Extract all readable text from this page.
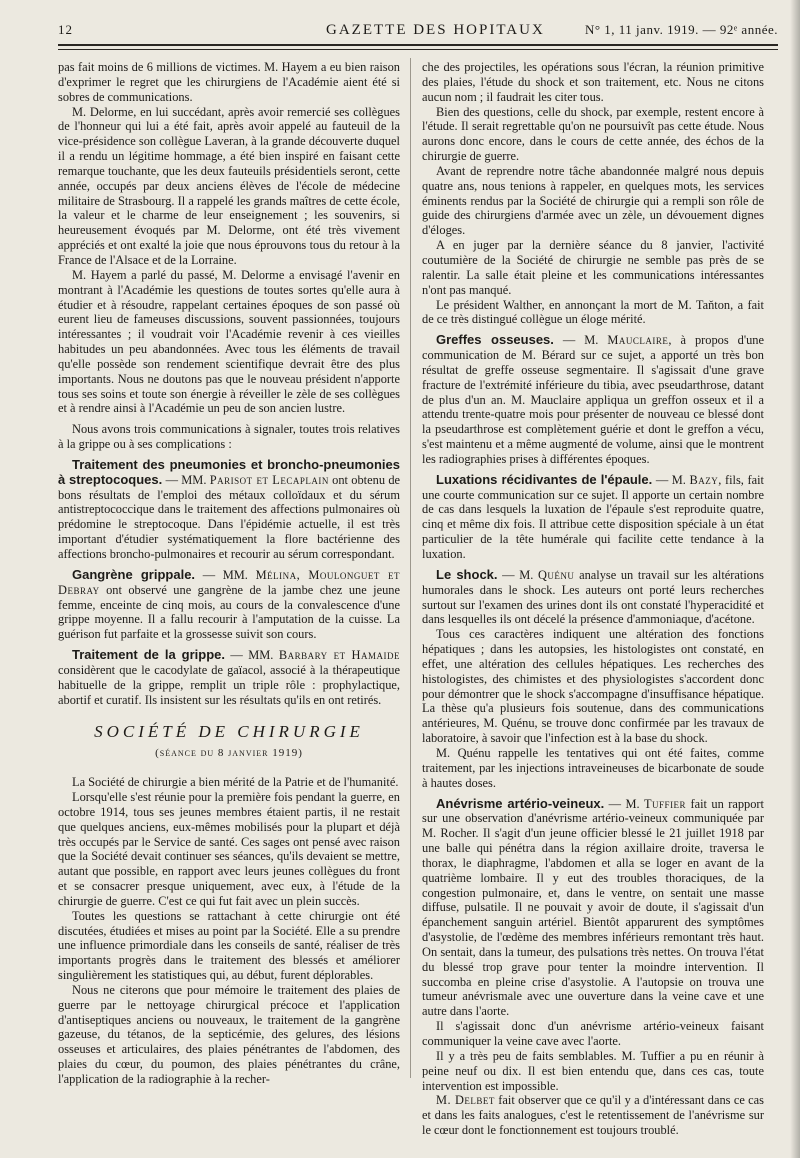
12	GAZETTE DES HOPITAUX	N° 1, 11 janv. 1919. — 92ᵉ année.

pas fait moins de 6 millions de victimes. M. Hayem a eu bien raison d'exprimer le regret que les chirurgiens de l'Académie aient été si sobres de communications.

M. Delorme, en lui succédant, après avoir remercié ses collègues de l'honneur qui lui a été fait, après avoir appelé au fauteuil de la vice-présidence son collègue Laveran, à la grande découverte duquel il a rendu un légitime hommage, a été bien inspiré en faisant cette remarque touchante, que les deux fauteuils présidentiels seront, cette année, occupés par deux anciens élèves de l'école de médecine militaire de Strasbourg. Il a rappelé les grands maîtres de cette école, la valeur et le charme de leur enseignement ; les souvenirs, si heureusement évoqués par M. Delorme, ont été très vivement appréciés et ont exalté la joie que nous éprouvons tous du retour à la France de l'Alsace et de la Lorraine.

M. Hayem a parlé du passé, M. Delorme a envisagé l'avenir en montrant à l'Académie les questions de toutes sortes qu'elle aura à étudier et à résoudre, rappelant certaines époques de son passé où eurent lieu de fameuses discussions, souvent passionnées, toujours intéressantes ; il voudrait voir l'Académie revenir à ces vieilles habitudes un peu abandonnées. Avec tous les éléments de travail qu'elle possède son rendement scientifique devrait être des plus importants. Nous ne doutons pas que le nouveau président n'apporte tous ses soins et toute son énergie à réveiller le zèle de ses collègues et à rendre ainsi à l'Académie un peu de son ancien lustre.

Nous avons trois communications à signaler, toutes trois relatives à la grippe ou à ses complications :

Traitement des pneumonies et broncho-pneumonies à streptocoques. — MM. Parisot et Lecaplain ont obtenu de bons résultats de l'emploi des métaux colloïdaux et du sérum antistreptococcique dans le traitement des affections pulmonaires où prédomine le streptocoque. Dans l'épidémie actuelle, il est très important d'étudier systématiquement la flore bactérienne des affections broncho-pulmonaires et recourir au sérum correspondant.

Gangrène grippale. — MM. Mélina, Moulonguet et Debray ont observé une gangrène de la jambe chez une jeune femme, enceinte de cinq mois, au cours de la convalescence d'une grippe moyenne. Il a fallu recourir à l'amputation de la cuisse. La guérison fut parfaite et la grossesse suivit son cours.

Traitement de la grippe. — MM. Barbary et Hamaide considèrent que le cacodylate de gaïacol, associé à la thérapeutique habituelle de la grippe, remplit un triple rôle : prophylactique, abortif et curatif. Ils insistent sur les résultats qu'ils en ont retirés.

SOCIÉTÉ DE CHIRURGIE

(séance du 8 janvier 1919)

La Société de chirurgie a bien mérité de la Patrie et de l'humanité.

Lorsqu'elle s'est réunie pour la première fois pendant la guerre, en octobre 1914, tous ses jeunes membres étaient partis, il ne restait que quelques anciens, eux-mêmes mobilisés pour la plupart et déjà très occupés par le Service de santé. Ces sages ont pensé avec raison que la Société devait continuer ses séances, qu'ils devaient se mettre, autant que possible, en rapport avec leurs jeunes collègues du front et se consacrer presque uniquement, avec eux, à l'étude de la chirurgie de guerre. C'est ce qui fut fait avec un plein succès.

Toutes les questions se rattachant à cette chirurgie ont été discutées, étudiées et mises au point par la Société. Elle a su prendre une influence primordiale dans les conseils de santé, réaliser de très importants progrès dans le traitement des blessés et améliorer singulièrement les statistiques qui, au début, furent déplorables.

Nous ne citerons que pour mémoire le traitement des plaies de guerre par le nettoyage chirurgical précoce et l'application d'antiseptiques anciens ou nouveaux, le traitement de la gangrène gazeuse, du tétanos, de la septicémie, des gelures, des lésions osseuses et articulaires, des plaies pénétrantes de l'abdomen, des plaies du cœur, du poumon, des plaies pénétrantes du crâne, l'application de la radiographie à la recher-

che des projectiles, les opérations sous l'écran, la réunion primitive des plaies, l'étude du shock et son traitement, etc. Nous ne citons aucun nom ; il faudrait les citer tous.

Bien des questions, celle du shock, par exemple, restent encore à l'étude. Il serait regrettable qu'on ne poursuivît pas cette étude. Nous aurons donc encore, dans le cours de cette année, des échos de la chirurgie de guerre.

Avant de reprendre notre tâche abandonnée malgré nous depuis quatre ans, nous tenions à rappeler, en quelques mots, les services éminents rendus par la Société de chirurgie qui a rempli son rôle de guide des chirurgiens d'armée avec un zèle, un dévouement dignes d'éloges.

A en juger par la dernière séance du 8 janvier, l'activité coutumière de la Société de chirurgie ne semble pas près de se ralentir. La salle était pleine et les communications intéressantes n'ont pas manqué.

Le président Walther, en annonçant la mort de M. Taňton, a fait de ce très distingué collègue un éloge mérité.

Greffes osseuses. — M. Mauclaire, à propos d'une communication de M. Bérard sur ce sujet, a apporté un très bon résultat de greffe osseuse segmentaire. Il s'agissait d'une grave fracture de l'extrémité inférieure du tibia, avec pseudarthrose, datant de plus d'un an. M. Mauclaire appliqua un greffon osseux et il a attendu trente-quatre mois pour présenter de nouveau ce blessé dont la pseudarthrose est complètement guérie et dont le greffon a vécu, s'est maintenu et a même augmenté de volume, ainsi que le montrent les radiographies prises à différentes époques.

Luxations récidivantes de l'épaule. — M. Bazy, fils, fait une courte communication sur ce sujet. Il apporte un certain nombre de cas dans lesquels la luxation de l'épaule s'est reproduite quatre, cinq et même dix fois. Il attribue cette disposition spéciale à un état particulier de la tête humérale qui facilite cette tendance à la luxation.

Le shock. — M. Quénu analyse un travail sur les altérations humorales dans le shock. Les auteurs ont porté leurs recherches surtout sur l'examen des urines dont ils ont constaté l'hyperacidité et dans lesquelles ils ont décelé la présence d'ammoniaque, d'acétone.

Tous ces caractères indiquent une altération des fonctions hépatiques ; dans les autopsies, les histologistes ont constaté, en effet, une altération des cellules hépatiques. Les recherches des histologistes, des chimistes et des physiologistes s'accordent donc pour démontrer que le shock s'accompagne d'insuffisance hépatique. La thèse qu'a plusieurs fois soutenue, dans des communications antérieures, M. Quénu, se trouve donc confirmée par les travaux de laboratoire, à savoir que l'infection est à la base du shock.

M. Quénu rappelle les tentatives qui ont été faites, comme traitement, par les injections intraveineuses de bicarbonate de soude à hautes doses.

Anévrisme artério-veineux. — M. Tuffier fait un rapport sur une observation d'anévrisme artério-veineux communiquée par M. Rocher. Il s'agit d'un jeune officier blessé le 21 juillet 1918 par une balle qui pénétra dans la région axillaire droite, traversa le thorax, le diaphragme, l'abdomen et alla se loger en avant de la quatrième lombaire. Il y eut des troubles thoraciques, de la congestion pulmonaire, et, dans le ventre, on sentait une masse diffuse, pulsatile. Il ne pouvait y avoir de doute, il s'agissait d'un épanchement sanguin artériel. Bientôt apparurent des symptômes d'asystolie, de l'œdème des membres inférieurs remontant très haut. On sentait, dans la tumeur, des pulsations très nettes. On trouva l'état du blessé trop grave pour tenter la moindre intervention. Il succomba en pleine crise d'asystolie. A l'autopsie on trouva une tumeur anévrismale avec une ouverture dans la veine cave et une autre dans l'aorte.

Il s'agissait donc d'un anévrisme artério-veineux faisant communiquer la veine cave avec l'aorte.

Il y a très peu de faits semblables. M. Tuffier a pu en réunir à peine neuf ou dix. Il est bien entendu que, dans ces cas, toute intervention est impossible.

M. Delbet fait observer que ce qu'il y a d'intéressant dans ce cas et dans les faits analogues, c'est le retentissement de l'anévrisme sur le cœur dont le fonctionnement est toujours troublé.
